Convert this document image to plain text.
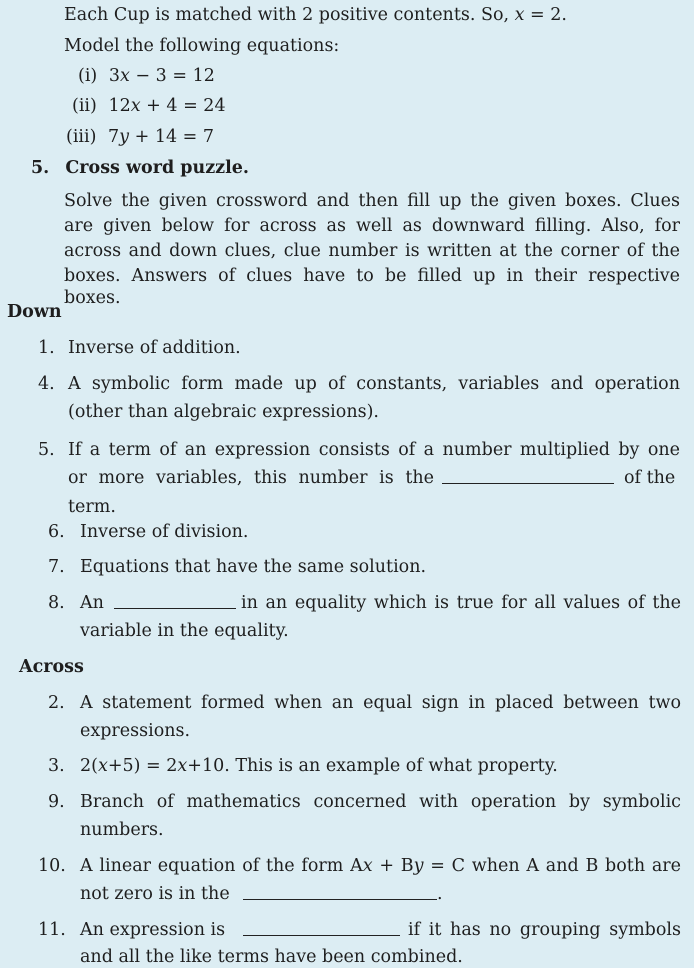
Each Cup is matched with 2 positive contents. So, x = 2.
Model the following equations:
(i) 3x − 3 = 12
(ii) 12x + 4 = 24
(iii) 7y + 14 = 7
5. Cross word puzzle.
Solve the given crossword and then fill up the given boxes. Clues
are given below for across as well as downward filling. Also, for
across and down clues, clue number is written at the corner of the
boxes. Answers of clues have to be filled up in their respective boxes.
Down
1. Inverse of addition.
4. A symbolic form made up of constants, variables and operation
(other than algebraic expressions).
5. If a term of an expression consists of a number multiplied by one
or more variables, this number is the	of the
term.
6. Inverse of division.
7. Equations that have the same solution.
8. An	in an equality which is true for all values of the
variable in the equality.
Across
2. A statement formed when an equal sign in placed between two
expressions.
3. 2(x+5) = 2x+10. This is an example of what property.
9. Branch of mathematics concerned with operation by symbolic
numbers.
10. A linear equation of the form Ax + By = C when A and B both are
not zero is in the	.
11. An expression is	if it has no grouping symbols
and all the like terms have been combined.
